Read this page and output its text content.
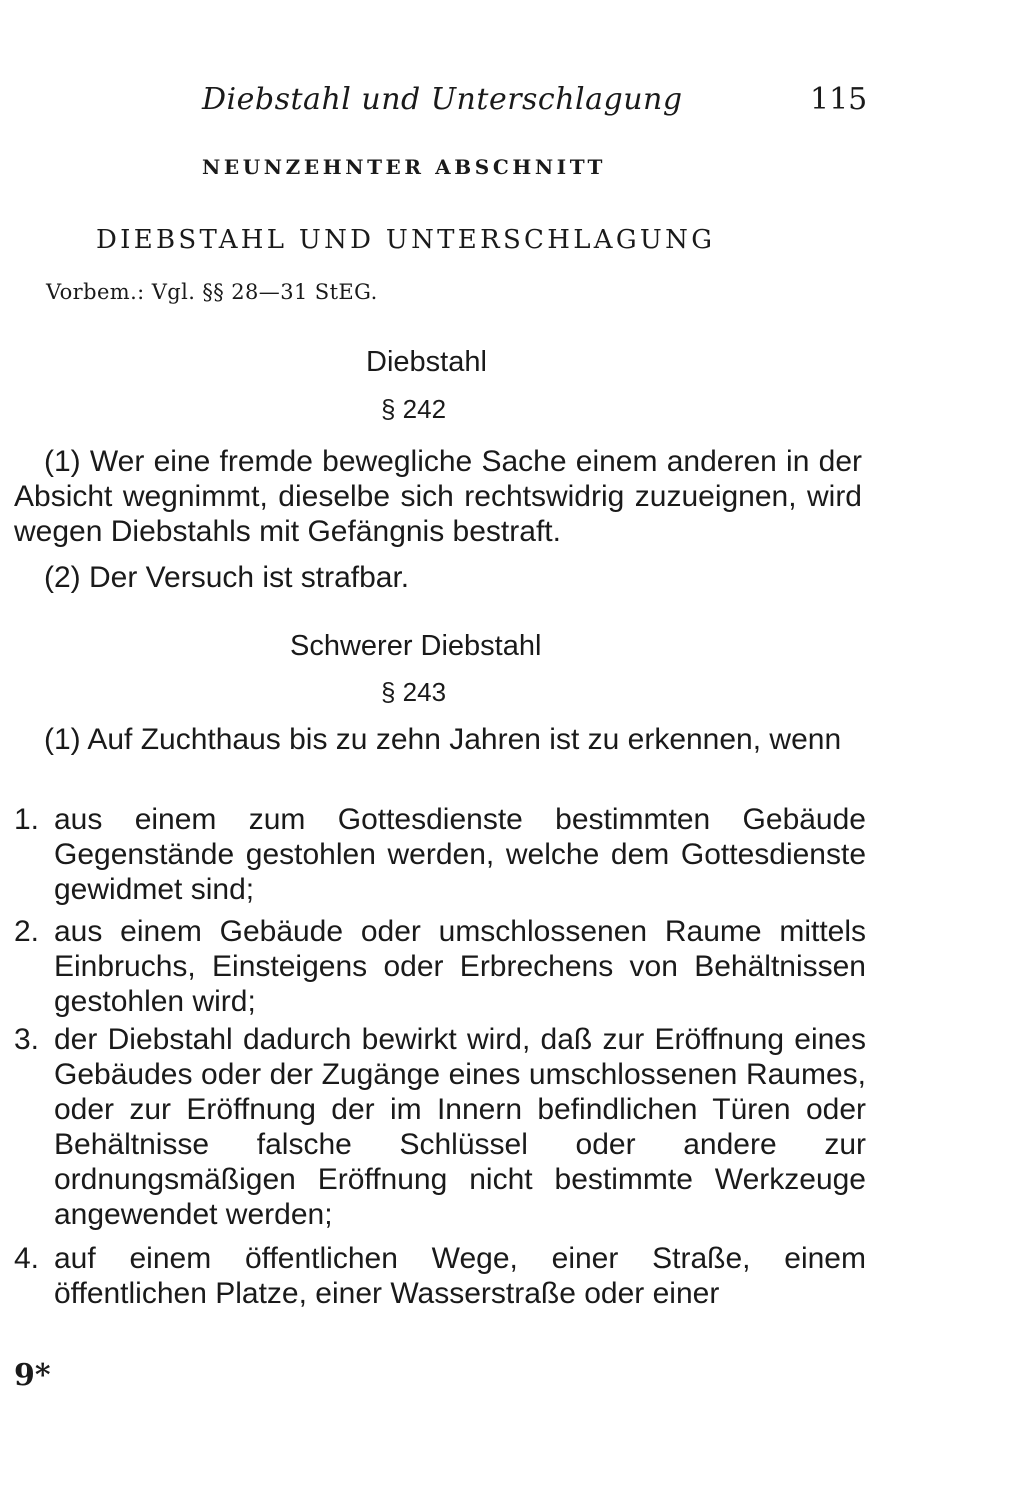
Diebstahl und Unterschlagung	115
NEUNZEHNTER ABSCHNITT
DIEBSTAHL UND UNTERSCHLAGUNG
Vorbem.: Vgl. §§ 28—31 StEG.
Diebstahl
§ 242
(1) Wer eine fremde bewegliche Sache einem anderen in der Absicht wegnimmt, dieselbe sich rechtswidrig zuzueignen, wird wegen Diebstahls mit Gefängnis bestraft.
(2) Der Versuch ist strafbar.
Schwerer Diebstahl
§ 243
(1) Auf Zuchthaus bis zu zehn Jahren ist zu erkennen, wenn
1. aus einem zum Gottesdienste bestimmten Gebäude Gegenstände gestohlen werden, welche dem Gottesdienste gewidmet sind;
2. aus einem Gebäude oder umschlossenen Raume mittels Einbruchs, Einsteigens oder Erbrechens von Behältnissen gestohlen wird;
3. der Diebstahl dadurch bewirkt wird, daß zur Eröffnung eines Gebäudes oder der Zugänge eines umschlossenen Raumes, oder zur Eröffnung der im Innern befindlichen Türen oder Behältnisse falsche Schlüssel oder andere zur ordnungsmäßigen Eröffnung nicht bestimmte Werkzeuge angewendet werden;
4. auf einem öffentlichen Wege, einer Straße, einem öffentlichen Platze, einer Wasserstraße oder einer
9*
